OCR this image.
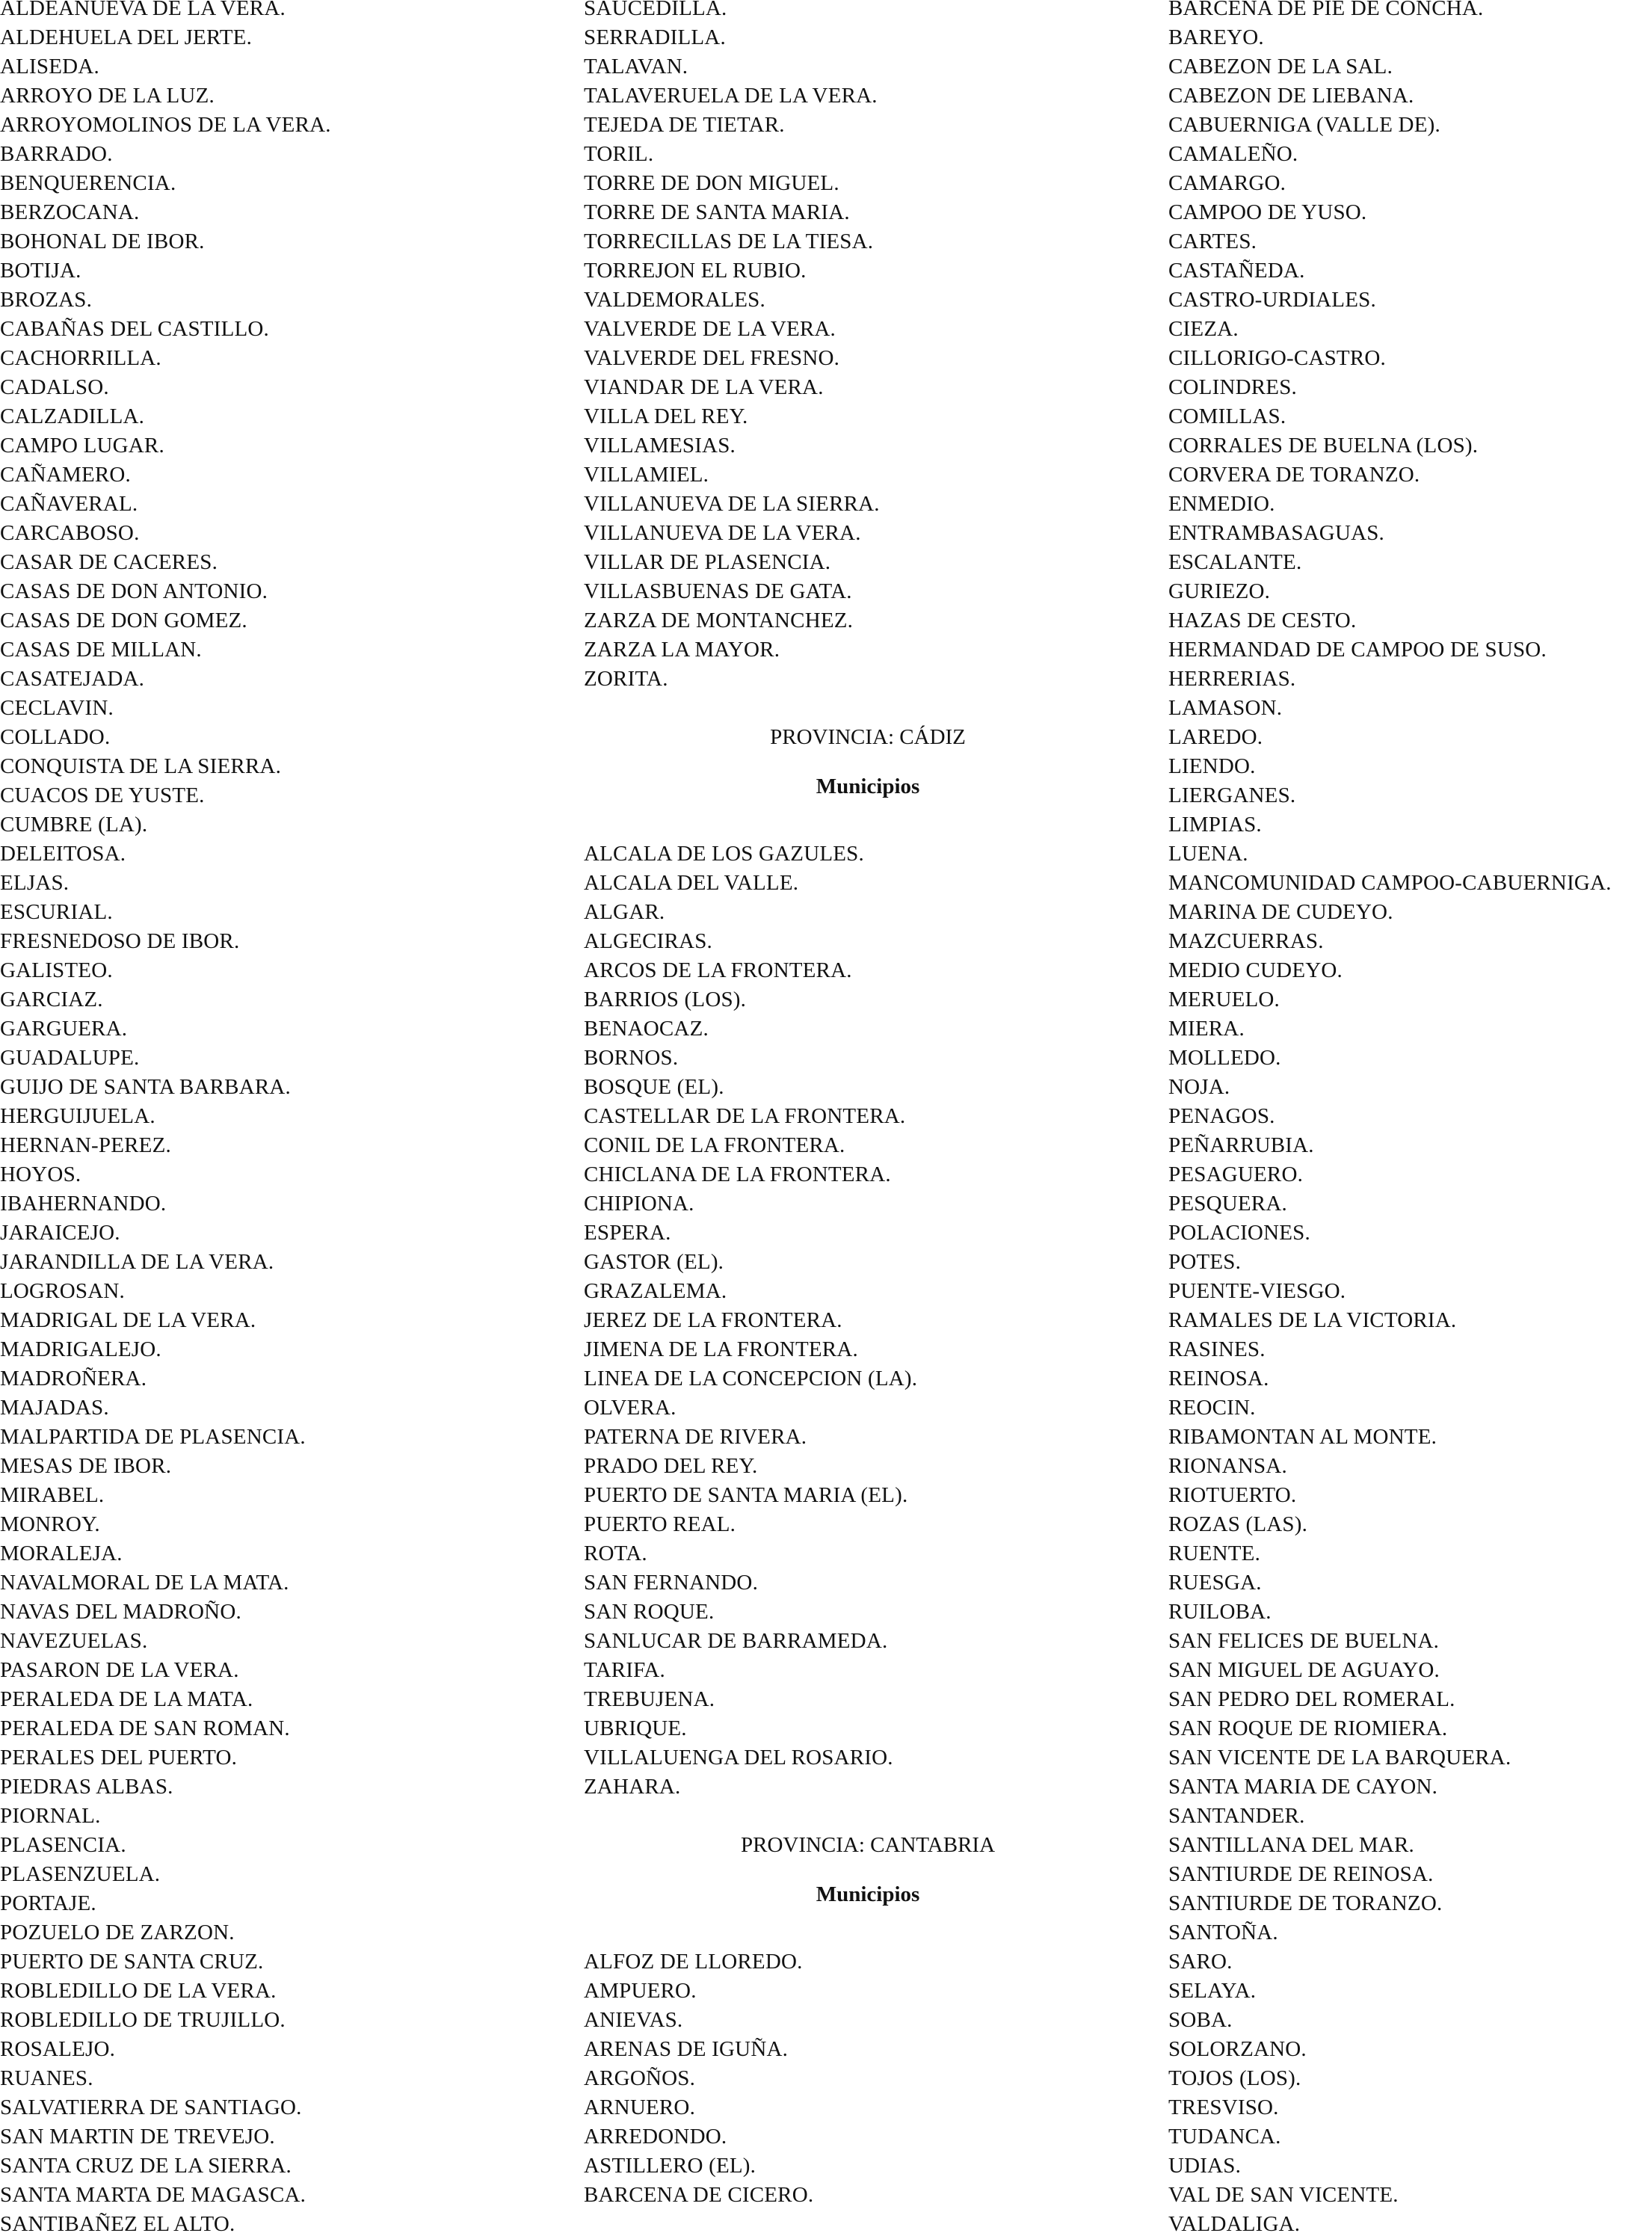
ALDEANUEVA DE LA VERA.
ALDEHUELA DEL JERTE.
ALISEDA.
ARROYO DE LA LUZ.
ARROYOMOLINOS DE LA VERA.
BARRADO.
BENQUERENCIA.
BERZOCANA.
BOHONAL DE IBOR.
BOTIJA.
BROZAS.
CABAÑAS DEL CASTILLO.
CACHORRILLA.
CADALSO.
CALZADILLA.
CAMPO LUGAR.
CAÑAMERO.
CAÑAVERAL.
CARCABOSO.
CASAR DE CACERES.
CASAS DE DON ANTONIO.
CASAS DE DON GOMEZ.
CASAS DE MILLAN.
CASATEJADA.
CECLAVIN.
COLLADO.
CONQUISTA DE LA SIERRA.
CUACOS DE YUSTE.
CUMBRE (LA).
DELEITOSA.
ELJAS.
ESCURIAL.
FRESNEDOSO DE IBOR.
GALISTEO.
GARCIAZ.
GARGUERA.
GUADALUPE.
GUIJO DE SANTA BARBARA.
HERGUIJUELA.
HERNAN-PEREZ.
HOYOS.
IBAHERNANDO.
JARAICEJO.
JARANDILLA DE LA VERA.
LOGROSAN.
MADRIGAL DE LA VERA.
MADRIGALEJO.
MADROÑERA.
MAJADAS.
MALPARTIDA DE PLASENCIA.
MESAS DE IBOR.
MIRABEL.
MONROY.
MORALEJA.
NAVALMORAL DE LA MATA.
NAVAS DEL MADROÑO.
NAVEZUELAS.
PASARON DE LA VERA.
PERALEDA DE LA MATA.
PERALEDA DE SAN ROMAN.
PERALES DEL PUERTO.
PIEDRAS ALBAS.
PIORNAL.
PLASENCIA.
PLASENZUELA.
PORTAJE.
POZUELO DE ZARZON.
PUERTO DE SANTA CRUZ.
ROBLEDILLO DE LA VERA.
ROBLEDILLO DE TRUJILLO.
ROSALEJO.
RUANES.
SALVATIERRA DE SANTIAGO.
SAN MARTIN DE TREVEJO.
SANTA CRUZ DE LA SIERRA.
SANTA MARTA DE MAGASCA.
SANTIBAÑEZ EL ALTO.
SAUCEDILLA.
SERRADILLA.
TALAVAN.
TALAVERUELA DE LA VERA.
TEJEDA DE TIETAR.
TORIL.
TORRE DE DON MIGUEL.
TORRE DE SANTA MARIA.
TORRECILLAS DE LA TIESA.
TORREJON EL RUBIO.
VALDEMORALES.
VALVERDE DE LA VERA.
VALVERDE DEL FRESNO.
VIANDAR DE LA VERA.
VILLA DEL REY.
VILLAMESIAS.
VILLAMIEL.
VILLANUEVA DE LA SIERRA.
VILLANUEVA DE LA VERA.
VILLAR DE PLASENCIA.
VILLASBUENAS DE GATA.
ZARZA DE MONTANCHEZ.
ZARZA LA MAYOR.
ZORITA.
PROVINCIA: CÁDIZ
Municipios
ALCALA DE LOS GAZULES.
ALCALA DEL VALLE.
ALGAR.
ALGECIRAS.
ARCOS DE LA FRONTERA.
BARRIOS (LOS).
BENAOCAZ.
BORNOS.
BOSQUE (EL).
CASTELLAR DE LA FRONTERA.
CONIL DE LA FRONTERA.
CHICLANA DE LA FRONTERA.
CHIPIONA.
ESPERA.
GASTOR (EL).
GRAZALEMA.
JEREZ DE LA FRONTERA.
JIMENA DE LA FRONTERA.
LINEA DE LA CONCEPCION (LA).
OLVERA.
PATERNA DE RIVERA.
PRADO DEL REY.
PUERTO DE SANTA MARIA (EL).
PUERTO REAL.
ROTA.
SAN FERNANDO.
SAN ROQUE.
SANLUCAR DE BARRAMEDA.
TARIFA.
TREBUJENA.
UBRIQUE.
VILLALUENGA DEL ROSARIO.
ZAHARA.
PROVINCIA: CANTABRIA
Municipios
ALFOZ DE LLOREDO.
AMPUERO.
ANIEVAS.
ARENAS DE IGUÑA.
ARGOÑOS.
ARNUERO.
ARREDONDO.
ASTILLERO (EL).
BARCENA DE CICERO.
BARCENA DE PIE DE CONCHA.
BAREYO.
CABEZON DE LA SAL.
CABEZON DE LIEBANA.
CABUERNIGA (VALLE DE).
CAMALEÑO.
CAMARGO.
CAMPOO DE YUSO.
CARTES.
CASTAÑEDA.
CASTRO-URDIALES.
CIEZA.
CILLORIGO-CASTRO.
COLINDRES.
COMILLAS.
CORRALES DE BUELNA (LOS).
CORVERA DE TORANZO.
ENMEDIO.
ENTRAMBASAGUAS.
ESCALANTE.
GURIEZO.
HAZAS DE CESTO.
HERMANDAD DE CAMPOO DE SUSO.
HERRERIAS.
LAMASON.
LAREDO.
LIENDO.
LIERGANES.
LIMPIAS.
LUENA.
MANCOMUNIDAD CAMPOO-CABUERNIGA.
MARINA DE CUDEYO.
MAZCUERRAS.
MEDIO CUDEYO.
MERUELO.
MIERA.
MOLLEDO.
NOJA.
PENAGOS.
PEÑARRUBIA.
PESAGUERO.
PESQUERA.
POLACIONES.
POTES.
PUENTE-VIESGO.
RAMALES DE LA VICTORIA.
RASINES.
REINOSA.
REOCIN.
RIBAMONTAN AL MONTE.
RIONANSA.
RIOTUERTO.
ROZAS (LAS).
RUENTE.
RUESGA.
RUILOBA.
SAN FELICES DE BUELNA.
SAN MIGUEL DE AGUAYO.
SAN PEDRO DEL ROMERAL.
SAN ROQUE DE RIOMIERA.
SAN VICENTE DE LA BARQUERA.
SANTA MARIA DE CAYON.
SANTANDER.
SANTILLANA DEL MAR.
SANTIURDE DE REINOSA.
SANTIURDE DE TORANZO.
SANTOÑA.
SARO.
SELAYA.
SOBA.
SOLORZANO.
TOJOS (LOS).
TRESVISO.
TUDANCA.
UDIAS.
VAL DE SAN VICENTE.
VALDALIGA.
